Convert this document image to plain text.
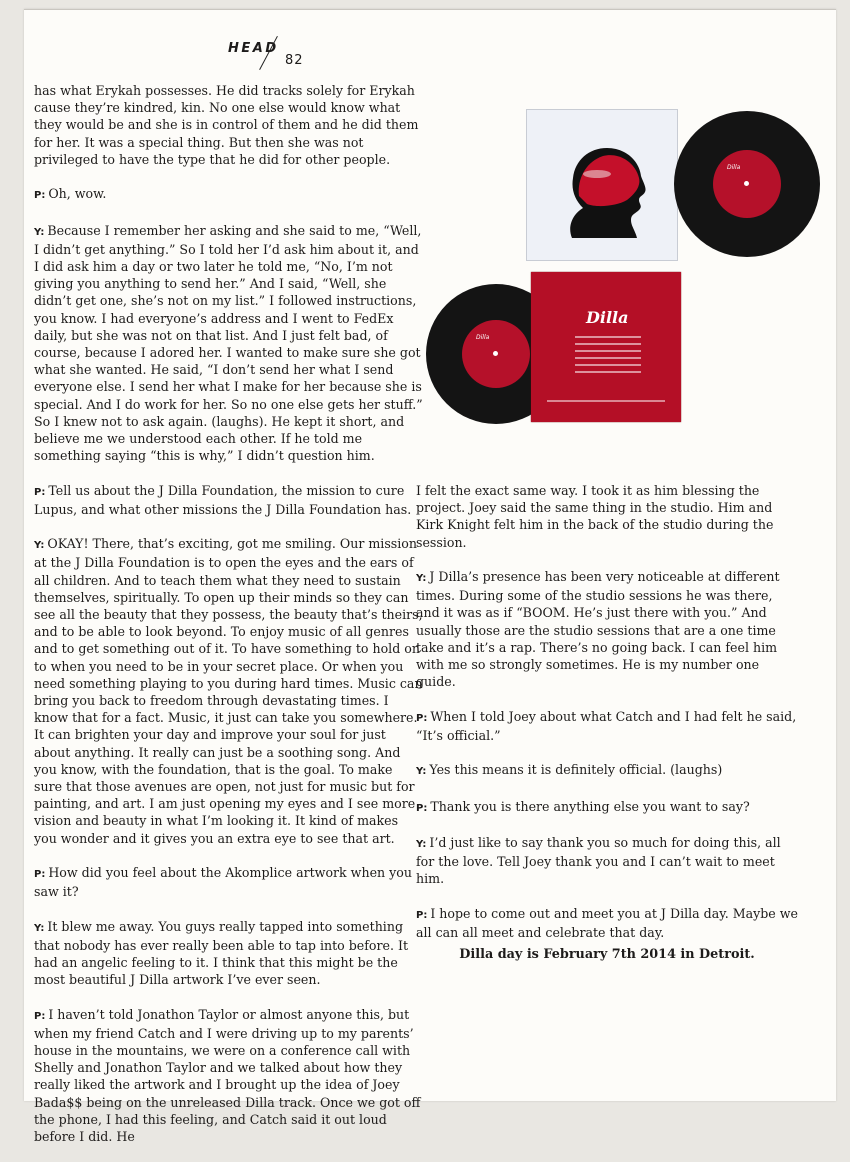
HEAD
82

has what Erykah possesses. He did tracks solely for Erykah cause they’re kindred, kin. No one else would know what they would be and she is in control of them and he did them for her. It was a special thing. But then she was not privileged to have the type that he did for other people.

P: Oh, wow.

Y: Because I remember her asking and she said to me, “Well, I didn’t get anything.” So I told her I’d ask him about it, and I did ask him a day or two later he told me, “No, I’m not giving you anything to send her.” And I said, “Well, she didn’t get one, she’s not on my list.” I followed instructions, you know. I had everyone’s address and I went to FedEx daily, but she was not on that list. And I just felt bad, of course, because I adored her. I wanted to make sure she got what she wanted. He said, “I don’t send her what I send everyone else. I send her what I make for her because she is special. And I do work for her. So no one else gets her stuff.” So I knew not to ask again. (laughs). He kept it short, and believe me we understood each other. If he told me something saying “this is why,” I didn’t question him.

P: Tell us about the J Dilla Foundation, the mission to cure Lupus, and what other missions the J Dilla Foundation has.

Y: OKAY! There, that’s exciting, got me smiling. Our mission at the J Dilla Foundation is to open the eyes and the ears of all children. And to teach them what they need to sustain themselves, spiritually. To open up their minds so they can see all the beauty that they possess, the beauty that’s theirs, and to be able to look beyond. To enjoy music of all genres and to get something out of it. To have something to hold on to when you need to be in your secret place. Or when you need something playing to you during hard times. Music can bring you back to freedom through devastating times. I know that for a fact. Music, it just can take you somewhere. It can brighten your day and improve your soul for just about anything. It really can just be a soothing song. And you know, with the foundation, that is the goal. To make sure that those avenues are open, not just for music but for painting, and art. I am just opening my eyes and I see more vision and beauty in what I’m looking it. It kind of makes you wonder and it gives you an extra eye to see that art.

P: How did you feel about the Akomplice artwork when you saw it?

Y: It blew me away. You guys really tapped into something that nobody has ever really been able to tap into before. It had an angelic feeling to it. I think that this might be the most beautiful J Dilla artwork I’ve ever seen.

P: I haven’t told Jonathon Taylor or almost anyone this, but when my friend Catch and I were driving up to my parents’ house in the mountains, we were on a conference call with Shelly and Jonathon Taylor and we talked about how they really liked the artwork and I brought up the idea of Joey Bada$$ being on the unreleased Dilla track. Once we got off the phone, I had this feeling, and Catch said it out loud before I did. He

I felt the exact same way. I took it as him blessing the project. Joey said the same thing in the studio. Him and Kirk Knight felt him in the back of the studio during the session.

Y: J Dilla’s presence has been very noticeable at different times. During some of the studio sessions he was there, and it was as if “BOOM. He’s just there with you.” And usually those are the studio sessions that are a one time take and it’s a rap. There’s no going back. I can feel him with me so strongly sometimes. He is my number one guide.

P: When I told Joey about what Catch and I had felt he said, “It’s official.”

Y: Yes this means it is definitely official. (laughs)

P: Thank you is there anything else you want to say?

Y: I’d just like to say thank you so much for doing this, all for the love. Tell Joey thank you and I can’t wait to meet him.

P: I hope to come out and meet you at J Dilla day. Maybe we all can all meet and celebrate that day.

Dilla day is February 7th 2014 in Detroit.
Dilla
Dilla
Dilla
